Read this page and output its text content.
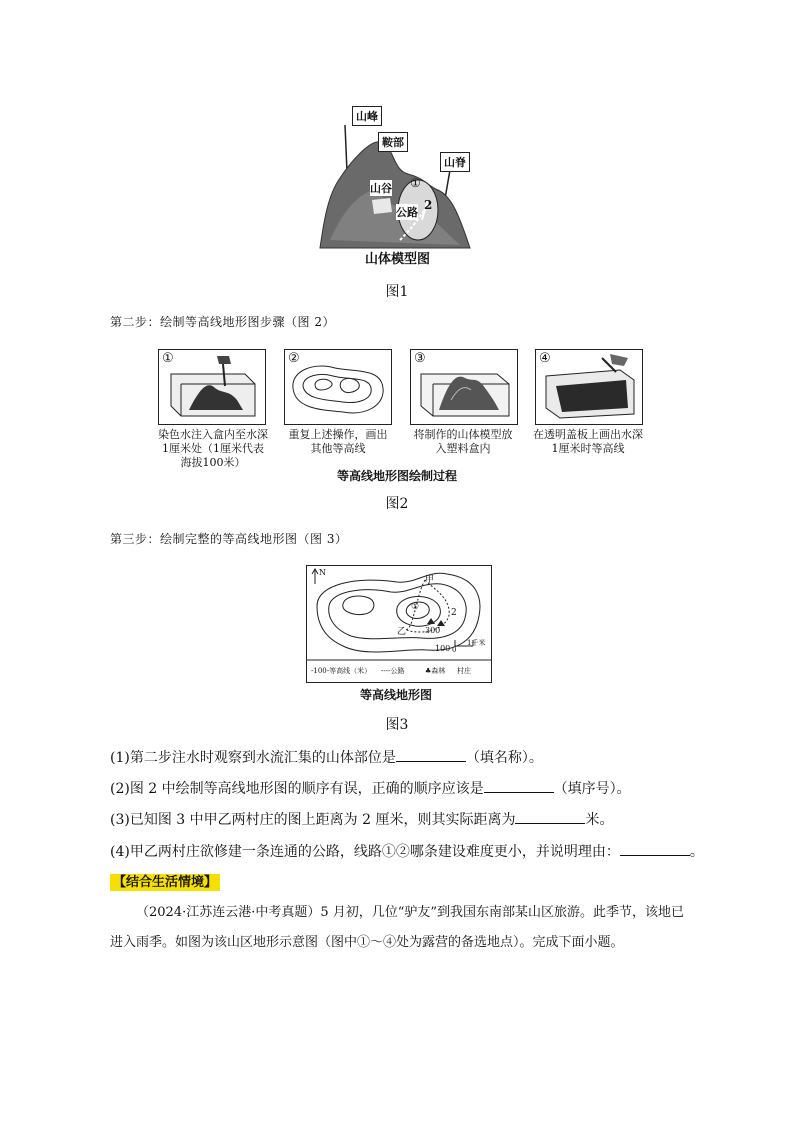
山峰
鞍部
山脊
山谷 ①
公路
2
山体模型图
图1
第二步：绘制等高线地形图步骤（图 2）
①
染色水注入盒内至水深1厘米处（1厘米代表海拔100米）
②
重复上述操作，画出其他等高线
③
将制作的山体模型放入塑料盒内
④
在透明盖板上画出水深1厘米时等高线
等高线地形图绘制过程
图2
第三步：绘制完整的等高线地形图（图 3）
N
甲
乙 300
100
①
2
0
1千米
-100-等高线（米） ----公路	♣森林 村庄
等高线地形图
图3
(1)第二步注水时观察到水流汇集的山体部位是	（填名称）。
(2)图 2 中绘制等高线地形图的顺序有误，正确的顺序应该是	（填序号）。
(3)已知图 3 中甲乙两村庄的图上距离为 2 厘米，则其实际距离为	米。
(4)甲乙两村庄欲修建一条连通的公路，线路①②哪条建设难度更小，并说明理由：	。
【结合生活情境】
（2024·江苏连云港·中考真题）5 月初，几位“驴友”到我国东南部某山区旅游。此季节，该地已进入雨季。如图为该山区地形示意图（图中①～④处为露营的备选地点）。完成下面小题。
